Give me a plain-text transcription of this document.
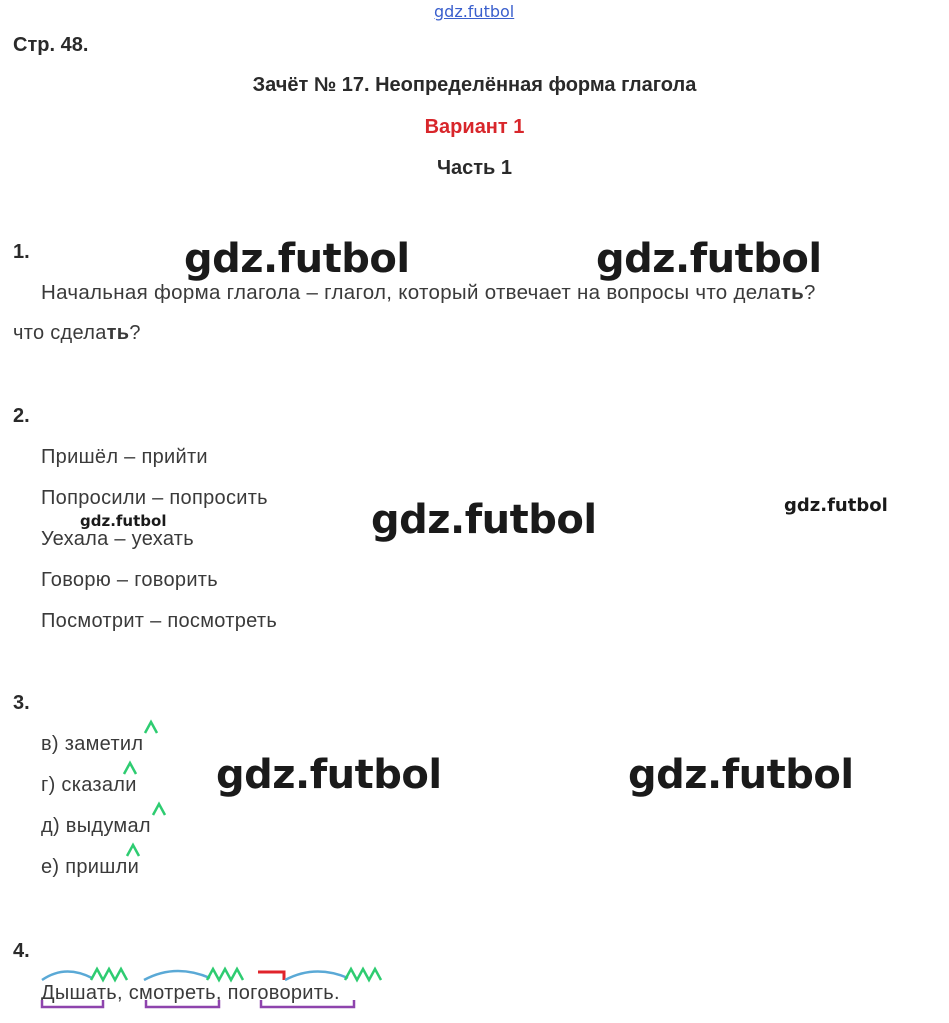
gdz.futbol
Стр. 48.
Зачёт № 17. Неопределённая форма глагола
Вариант 1
Часть 1
1.	gdz.futbol	gdz.futbol
Начальная форма глагола – глагол, который отвечает на вопросы что делать?
что сделать?
2.
Пришёл – прийти
Попросили – попросить
gdz.futbol
Уехала – уехать
Говорю – говорить
Посмотрит – посмотреть
gdz.futbol	gdz.futbol
3.
в) заметил
г) сказали
д) выдумал
е) пришли
gdz.futbol	gdz.futbol
4.
Дышать, смотреть, поговорить.
